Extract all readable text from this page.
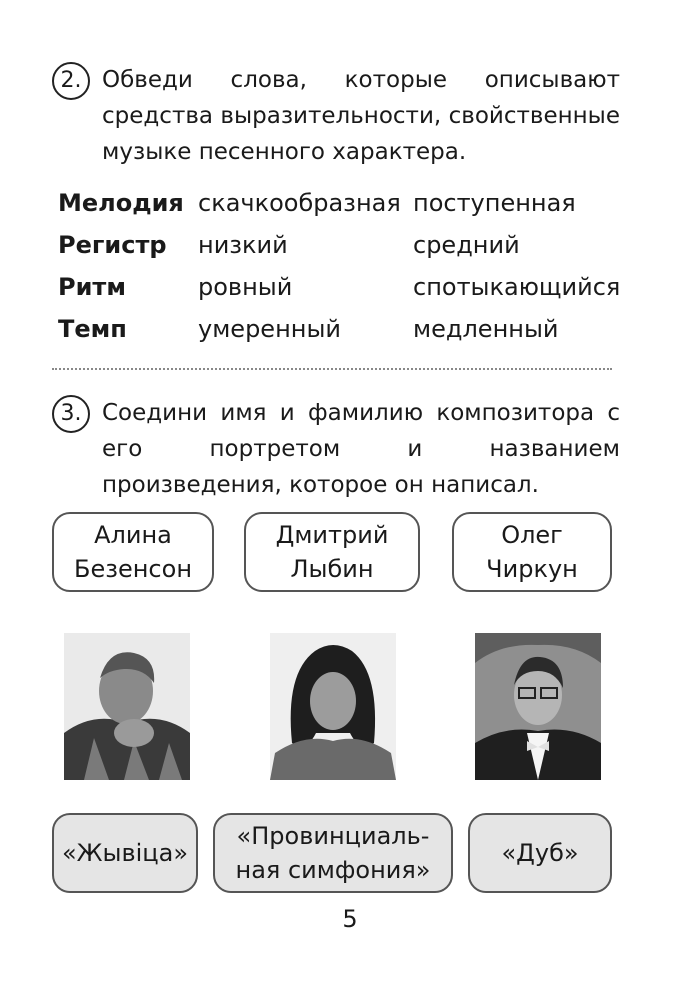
2. Обведи слова, которые описывают средства выразительности, свойственные музыке песенного характера.
Мелодия	скачкообразная	поступенная
Регистр	низкий	средний
Ритм	ровный	спотыкающийся
Темп	умеренный	медленный
3. Соедини имя и фамилию композитора с его портретом и названием произведения, которое он написал.
Алина
Безенсон
Дмитрий
Лыбин
Олег
Чиркун
«Жывіца»
«Провинциаль-
ная симфония»
«Дуб»
5
